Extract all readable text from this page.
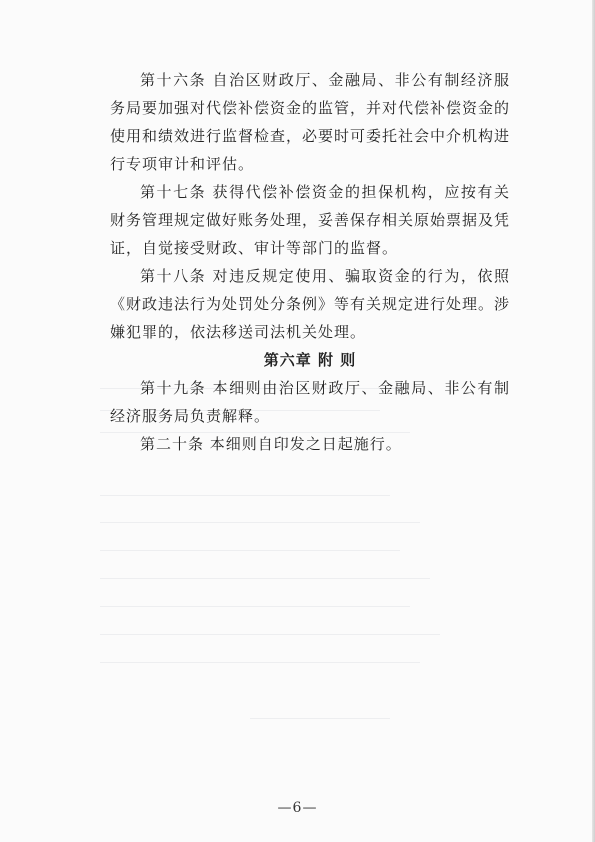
第十六条 自治区财政厅、金融局、非公有制经济服务局要加强对代偿补偿资金的监管，并对代偿补偿资金的使用和绩效进行监督检查，必要时可委托社会中介机构进行专项审计和评估。

第十七条 获得代偿补偿资金的担保机构，应按有关财务管理规定做好账务处理，妥善保存相关原始票据及凭证，自觉接受财政、审计等部门的监督。

第十八条 对违反规定使用、骗取资金的行为，依照《财政违法行为处罚处分条例》等有关规定进行处理。涉嫌犯罪的，依法移送司法机关处理。

第六章 附 则

第十九条 本细则由治区财政厅、金融局、非公有制经济服务局负责解释。

第二十条 本细则自印发之日起施行。

—6—
